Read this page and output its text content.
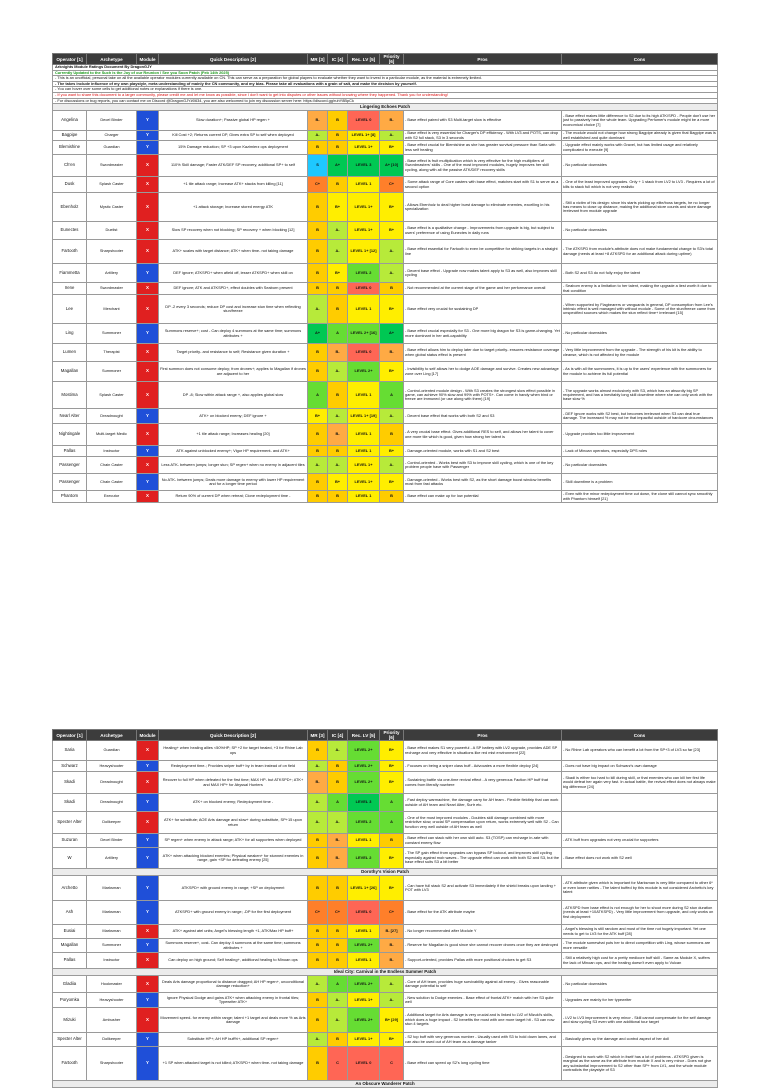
Operator [1]	Archetype	Module	Quick Description [2]	MR [3]	IC [4]	Rec. LV [5]	Priority [6]	Pros	Cons
Arknights Module Ratings Document By DragonGJY									
Currently Updated to the Such is the Joy of our Reunion / See you Soon Patch (Feb 14th 2025)									
- This is an unofficial, personal take on all the available operator modules currently available on CN. This can serve as a preparation for global players to evaluate whether they want to invest in a particular module, as the material is extremely limited.									
- The takes include influence of my own playstyle, meta understanding of mainly the CN community, and my bias. Please take all evaluations with a grain of salt, and make the decision by yourself.									
- You can hover over some cells to get additional notes or explanations if there is one.									
- If you want to share this document to a larger community, please credit me and let me know as possible, since I don't want to get into disputes or other issues without knowing where they happened. Thank you for understanding!									
- For discussions or bug reports, you can contact me on Discord @DragonGJY#0634, you are also welcomed to join my discussion server here: https://discord.gg/ruhY8BpCk									
Lingering Echoes Patch									
Angelina	Decel Binder	Y	Slow duration+; Passive global HP regen +	B-	B	LEVEL 0	B-	- Base effect paired with S3 Multi-target slow is effective	- Base effect makes little difference to S2 due to its high ATK/SPD - People don't use her just to passively heal the whole team. Upgrading Perfumer's module might be a more economical choice [7]
Bagpipe	Charger	Y	Kill Cost +2; Returns current DP, Gives extra SP to self when deployed	A-	B	LEVEL 1+ [8]	A-	- Base effect is very essential for Charger's DP efficiency - With LV3 and POTS, can drop with S2 full stack, S3 in 3 seconds	- The module would not change how strong Bagpipe already is given that Bagpipe was is well established and quite dominant
Blemishine	Guardian	Y	15% Damage reduction; SP +3 upon Kazimierz ops deployment	B	B	LEVEL 1+	B+	- Base effect crucial for Blemishine as she has greater survival pressure than Saria with less self healing	- Upgrade effect mainly works with Gravel, but has limited usage and relatively complicated to execute [9]
Ch'en	Swordmaster	X	110% Skill damage; Faster ATK/DEF SP recovery, additional SP+ to self	S	A+	LEVEL 3	A+ [10]	- Base effect is fruit multiplication which is very effective for the high multipliers of Swordmasters' skills - One of the most improved modules, hugely improves her skill cycling, along with all the passive ATK/DEF recovery skills	- No particular downsides
Dusk	Splash Caster	X	+1 tile attack range; Increase ATK+ stacks from killing [11]	C+	B	LEVEL 1	C+	- Some attack range of Core casters with base effect, matches start with S1 to serve as a second option	- One of the least improved upgrades. Only + 1 stack from LV2 to LV3 - Requires a lot of kills to stack full which is not very realistic
Ebenholz	Mystic Caster	X	+1 attack storage; Increase stored energy ATK	B	B+	LEVEL 1+	B+	- Allows Ebenholz to deal higher burst damage to eliminate enemies, excelling in his specialization	- Still a victim of his design: since his starts picking up elite/boss targets, he no longer has means to close up distance, making the additional store counts and store damage irrelevant from module upgrade
Eunectes	Duelist	X	Slow SP recovery when not blocking; SP recovery + when blocking [12]	B	A-	LEVEL 1+	B+	- Base effect is a qualitative change - Improvements from upgrade is big, but subject to users' preference of using Eunectes in daily runs	- No particular downsides
Fartooth	Sharpshooter	X	ATK+ scales with target distance; ATK+ when time- not taking damage	B	A-	LEVEL 1+ [12]	A-	- Base effect essential for Fartooth to even be competitive for striking targets in a straight line	- The ATKSPD from module's attribute does not make fundamental change to S3's total damage (needs at least +8 ATKSPD for an additional attack during uptime)
Fiammetta	Artillery	Y	DEF ignore; ATKSPD+ when afield off, lesser ATKSPD+ when skill on	B	B+	LEVEL 2	A-	- Decent base effect - Upgrade now makes talent apply to S3 as well, also improves skill cycling	- Both S2 and S3 do not fully enjoy the talent
Irene	Swordmaster	X	DEF ignore; ATK and ATKSPD+, effect doubles with Seaborn present	B	B	LEVEL 0	B	- Not recommended at the current stage of the game and her performance overall	- Seaborn enemy is a limitation to her talent, making the upgrade a liest worth it due to that condition
Lee	Merchant	X	DP -2 every 3 seconds; reduce DP cost and increase stun time when reflecting stun/freeze	A-	B	LEVEL 1	B+	- Base effect very crucial for sustaining DP	- When supported by Flagbearers or vanguards in general, DP consumption from Lee's intrinsic effect is well managed with without module - Some of the stun/freeze came from unspecified sources which makes the stun reflect time+ irrelevant [15]
Ling	Summoner	Y	Summons reserve+; cost - Can deploy 4 summons at the same time; summons attributes +	A+	A	LEVEL 2+ [16]	A+	- Base effect crucial especially for S3 - One more big dragon for S3 is game-changing. Yet more dominant in her anti-capability	- No particular downsides
Lumen	Therapist	X	Target priority- and resistance to self; Resistance given duration +	B	B-	LEVEL 0	B-	- Base effect allows him to deploy later due to target priority- ensures resistance coverage when global status effect is present	- Very little improvement from the upgrade - The strength of his kit is the ability to cleanse, which is not affected by the module
Magallan	Summoner	X	First summon does not consume deploy; from drones+; applies to Magallan if drones are adjacent to her	B	A-	LEVEL 2+	B+	- Invisibility to self allows her to dodge AOE damage and survive. Creates new advantage zone over Ling [17]	- As is with all the summoners, it is up to the users' experience with the summoners for the module to achieve its full potential
Mostima	Splash Caster	X	DP -8; Slow within attack range +, also applies global slow	A	B	LEVEL 1	A	- Control-oriented module design - With S3 creates the strongest slow effect possible in game, can achieve 90% slow and 99% with POTS+. Can come in handy when bind or freeze are immuned (or use along with them) [19]	- The upgrade works almost exclusively with S3, which has an absurdly big SP requirement, and has a inevitably long skill downtime where she can only work with the base slow %
Nearl Alter	Dreadnought	Y	ATK+ on blocked enemy; DEF ignore +	B+	A-	LEVEL 1+ [19]	A-	- Decent base effect that works with both S2 and S3	- DEF ignore works with S2 best, but becomes irrelevant when S3 can deal true damage. The increased % may not be that impactful outside of hardcore circumstances
Nightingale	Multi-target Medic	X	+1 tile attack range; Increases healing [20]	B	B-	LEVEL 1	B	- A very crucial base effect. Gives additional RES to self, and allows her talent to cover one more tile which is good, given how strong her talent is	- Upgrade provides too little improvement
Pallas	Instructor	Y	ATK against unblocked enemy+; Vigor HP requirement- and ATK+	B	B	LEVEL 1	B+	- Damage-oriented module, works with S1 and S2 best	- Lack of Minoan operators, especially DPS roles
Passenger	Chain Caster	X	Less ATK- between jumps; longer stun; SP regen+ when no enemy in adjacent tiles	A-	A-	LEVEL 1+	A-	- Control-oriented - Works best with S3 to improve skill cycling, which is one of the key problem people have with Passenger	- No particular downsides
Passenger	Chain Caster	Y	No ATK- between jumps; Deals more damage to enemy with lower HP requirement and for a longer time period	B	B+	LEVEL 1+	B+	- Damage-oriented - Works best with S2, as the short damage boost window benefits most from fast attacks	- Skill downtime is a problem
Phantom	Executor	X	Return 90% of current DP when retreat; Clone redeployment time -	B	B	LEVEL 1	B	- Base effect can make up for low potential	- Even with the minor redeployment time cut down, the clone still cannot sync smoothly with Phantom himself [21]
Operator [1]	Archetype	Module	Quick Description [2]	MR [3]	IC [4]	Rec. LV [5]	Priority [6]	Pros	Cons
Saria	Guardian	X	Healing+ when healing allies <50%HP; SP +2 for target healed, +3 for Rhine Lab ops	B	A-	LEVEL 2+	B+	- Base effect makes S1 very powerful - A SP battery with LV2 upgrade, provides ADE SP recharge and very effective in situations like red mist environment [22]	- No Rhine Lab operators who can benefit a lot from the SP+3 of LV3 so far [23]
Schwarz	Heavyshooter	Y	Redeployment time-; Provides sniper buff+ by in team instead of on field	A-	B	LEVEL 2+	B+	- Focuses on being a sniper class buff - Advocates a more flexible deploy [24]	- Does not have big impact on Schwarz's own damage
Skadi	Dreadnought	X	Recover to full HP when defeated for the first time; MAX HP- but ATKSPD+; ATK+ and MAX HP+ for Abyssal Hunters	B-	B	LEVEL 2+	B+	- Sustaining battle via one-time revival effect - A very generous Faction HP buff that comes from literally nowhere	- Skadi is either too hard to kill during skill, or that enemies who can kill her first life would defeat her again very fast. In actual battle, the revival effect does not always make big difference [24]
Skadi	Dreadnought	Y	ATK+ on blocked enemy; Redeployment time -	A-	A	LEVEL 3	A	- Fast deploy warmachine, the damage carry for AH team - Flexible fieldtrip that can work outside of AH team and Nearl Alter, Surtr etc.	
Specter Alter	Dollkeeper	X	ATK+ for substitute; AOE Arts damage and slow+ during substitute, SP+15 upon return	A-	A-	LEVEL 2	A	- One of the most improved modules - Doubles skill damage combined with more restrictive slow, crucial SP compensation upon return, works extremely well with S2 - Can function very well outside of AH team as well	
Suzuran	Decel Binder	Y	SP regen+ when enemy in attack range; ATK+ for all supporters when deployed	B	B-	LEVEL 1	B	- Base effect can stack with her own skill auto. S3 (TOSP) can recharge in-rate with constant enemy flow	- ATK buff from upgrades not very crucial for supporters
W	Artillery	Y	ATK+ when attacking blocked enemies; Physical weaken+ for stunned enemies in range, gain +SP for defeating enemy [25]	B	B-	LEVEL 2	B+	- The SP gain effect from upgrades can bypass SP lockout, and improves skill cycling especially against mob waves - The upgrade effect can work with both S2 and S3, but the base effect suits S3 a bit better	- Base effect does not work with S2 well
Dorothy's Vision Patch									
Archetto	Marksman	Y	ATKSPD+ with ground enemy in range; +SP on deployment	B	B	LEVEL 1+ [26]	B+	- Can have full stack S2 and activate S3 immediately if the shield breaks upon landing + POT with LV3	- ATK attribute given which is important for Marksman is very little compared to other 6* or even lower rarities - The talent buffed by this module is not considered Archetto's key talent
Ash	Marksman	Y	ATKSPD+ with ground enemy in range; -DP for the first deployment	C+	C+	LEVEL 0	C+	- Base effect for the ATK attribute maybe	- ATKSPD from base effect is not enough for her to shoot more during S2 stun duration (needs at least +10ATKSPD) - Very little improvement from upgrade, and only works on first deployment
Eusiai	Marksman	X	ATK+ against atel units; Angel's blessing length +1, ATK/Max HP buff+	B	B	LEVEL 1	B- [27]	- No longer recommended after Module Y	- Angel's blessing is still random and most of the time not hugely important. Yet one needs to get to LV3 for the ATK buff [28]
Magallan	Summoner	Y	Summons reserve+, cost- Can deploy 4 summons at the same time; summons attributes +	B	B	LEVEL 2+	B-	- Reserve for Magallan is good since she cannot recover drones once they are destroyed	- The module somewhat puts her to direct competition with Ling, whose summons are more versatile
Pallas	Instructor	X	Can deploy on high ground; Self healing+, additional healing to Minoan ops	B	B	LEVEL 1	B-	- Support-oriented, provides Pallas with more positional choices to get S3	- Still a relatively high cost for a pretty mediocre buff skill - Same as Module X, suffers the lack of Minoan ops, and the healing doesn't even apply to Vulcan
Ideal City: Carnival in the Endless Summer Patch									
Gladiia	Hookmaster	X	Deals Arts damage proportional to distance dragged; AH HP regen+, unconditional damage reduction+	A-	A	LEVEL 2+	A-	- Core of AH team, provides huge survivability against all enemy - Gives reasonable damage potential to self	- No particular downsides
Poryomka	Heavyshooter	Y	Ignore Physical Dodge and gains ATK+ when attacking enemy in frontal tiles; Typewriter ATK+	B	A-	LEVEL 1+	A-	- New solution to Dodge enemies - Base effect of frontal ATK+ match with her S3 quite well	- Upgrades are mainly for her typewriter
Mizuki	Ambusher	X	Movement speed- for enemy within range; talent +1 target and deals more % as Arts damage	B	A-	LEVEL 2+	B+ [29]	- Additional target for Arts damage is very crucial and is linked to LV2 of Mizuki's skills, which does a huge impact - S2 benefits the most with one more target hit - S3 can now stun 4 targets	- LV2 to LV3 improvement is very minor - Skill cannot compensate for the self damage and slow cycling S3 even with one additional tour target
Specter Alter	Dollkeeper	Y	Substitute HP+; AH HP buff%+, additional SP regen+	A-	B	LEVEL 1+	B+	- S2 top buff with very generous number - Usually used with S3 to hold down lanes, and can also be used out of AH team as a damage tanker	- Basically gives up the damage and control aspect of her doll
Fartooth	Sharpshooter	Y	+1 SP when attacked target is not killed; ATKSPD+ when time- not taking damage	B	C	LEVEL 0	C	- Base effect can speed up S2's long cycling time	- Designed to work with S2 which in itself has a lot of problems - ATKSPD given is marginal as the same as the attribute from module X and is very minor - Does not give any substantial improvement to S2 other than SP+ from LV1, and the whole module contradicts the playstyle of S3
An Obscure Wanderer Patch									
